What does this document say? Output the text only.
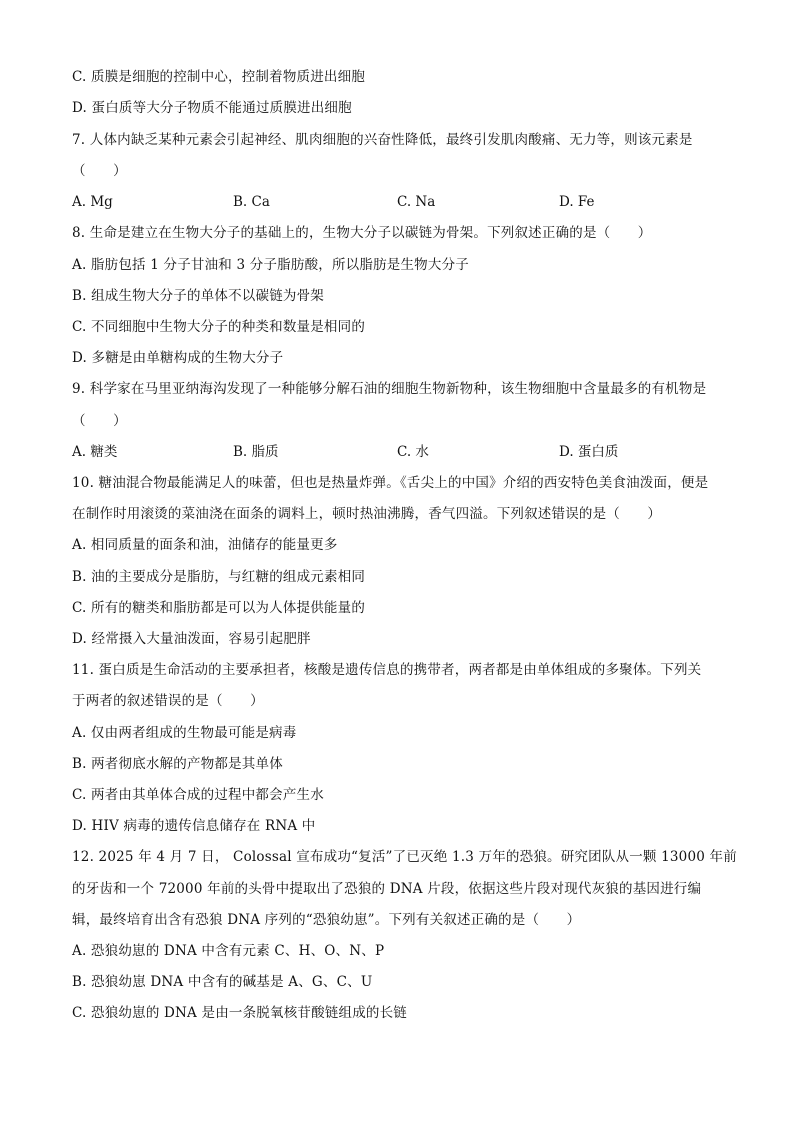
C. 质膜是细胞的控制中心，控制着物质进出细胞
D. 蛋白质等大分子物质不能通过质膜进出细胞
7. 人体内缺乏某种元素会引起神经、肌肉细胞的兴奋性降低，最终引发肌肉酸痛、无力等，则该元素是
（　　）
A. Mg	B. Ca	C. Na	D. Fe
8. 生命是建立在生物大分子的基础上的，生物大分子以碳链为骨架。下列叙述正确的是（　　）
A. 脂肪包括 1 分子甘油和 3 分子脂肪酸，所以脂肪是生物大分子
B. 组成生物大分子的单体不以碳链为骨架
C. 不同细胞中生物大分子的种类和数量是相同的
D. 多糖是由单糖构成的生物大分子
9. 科学家在马里亚纳海沟发现了一种能够分解石油的细胞生物新物种，该生物细胞中含量最多的有机物是
（　　）
A. 糖类	B. 脂质	C. 水	D. 蛋白质
10. 糖油混合物最能满足人的味蕾，但也是热量炸弹。《舌尖上的中国》介绍的西安特色美食油泼面，便是
在制作时用滚烫的菜油浇在面条的调料上，顿时热油沸腾，香气四溢。下列叙述错误的是（　　）
A. 相同质量的面条和油，油储存的能量更多
B. 油的主要成分是脂肪，与红糖的组成元素相同
C. 所有的糖类和脂肪都是可以为人体提供能量的
D. 经常摄入大量油泼面，容易引起肥胖
11. 蛋白质是生命活动的主要承担者，核酸是遗传信息的携带者，两者都是由单体组成的多聚体。下列关
于两者的叙述错误的是（　　）
A. 仅由两者组成的生物最可能是病毒
B. 两者彻底水解的产物都是其单体
C. 两者由其单体合成的过程中都会产生水
D. HIV 病毒的遗传信息储存在 RNA 中
12. 2025 年 4 月 7 日， Colossal 宣布成功“复活”了已灭绝 1.3 万年的恐狼。研究团队从一颗 13000 年前
的牙齿和一个 72000 年前的头骨中提取出了恐狼的 DNA 片段，依据这些片段对现代灰狼的基因进行编
辑，最终培育出含有恐狼 DNA 序列的“恐狼幼崽”。下列有关叙述正确的是（　　）
A. 恐狼幼崽的 DNA 中含有元素 C、H、O、N、P
B. 恐狼幼崽 DNA 中含有的碱基是 A、G、C、U
C. 恐狼幼崽的 DNA 是由一条脱氧核苷酸链组成的长链
